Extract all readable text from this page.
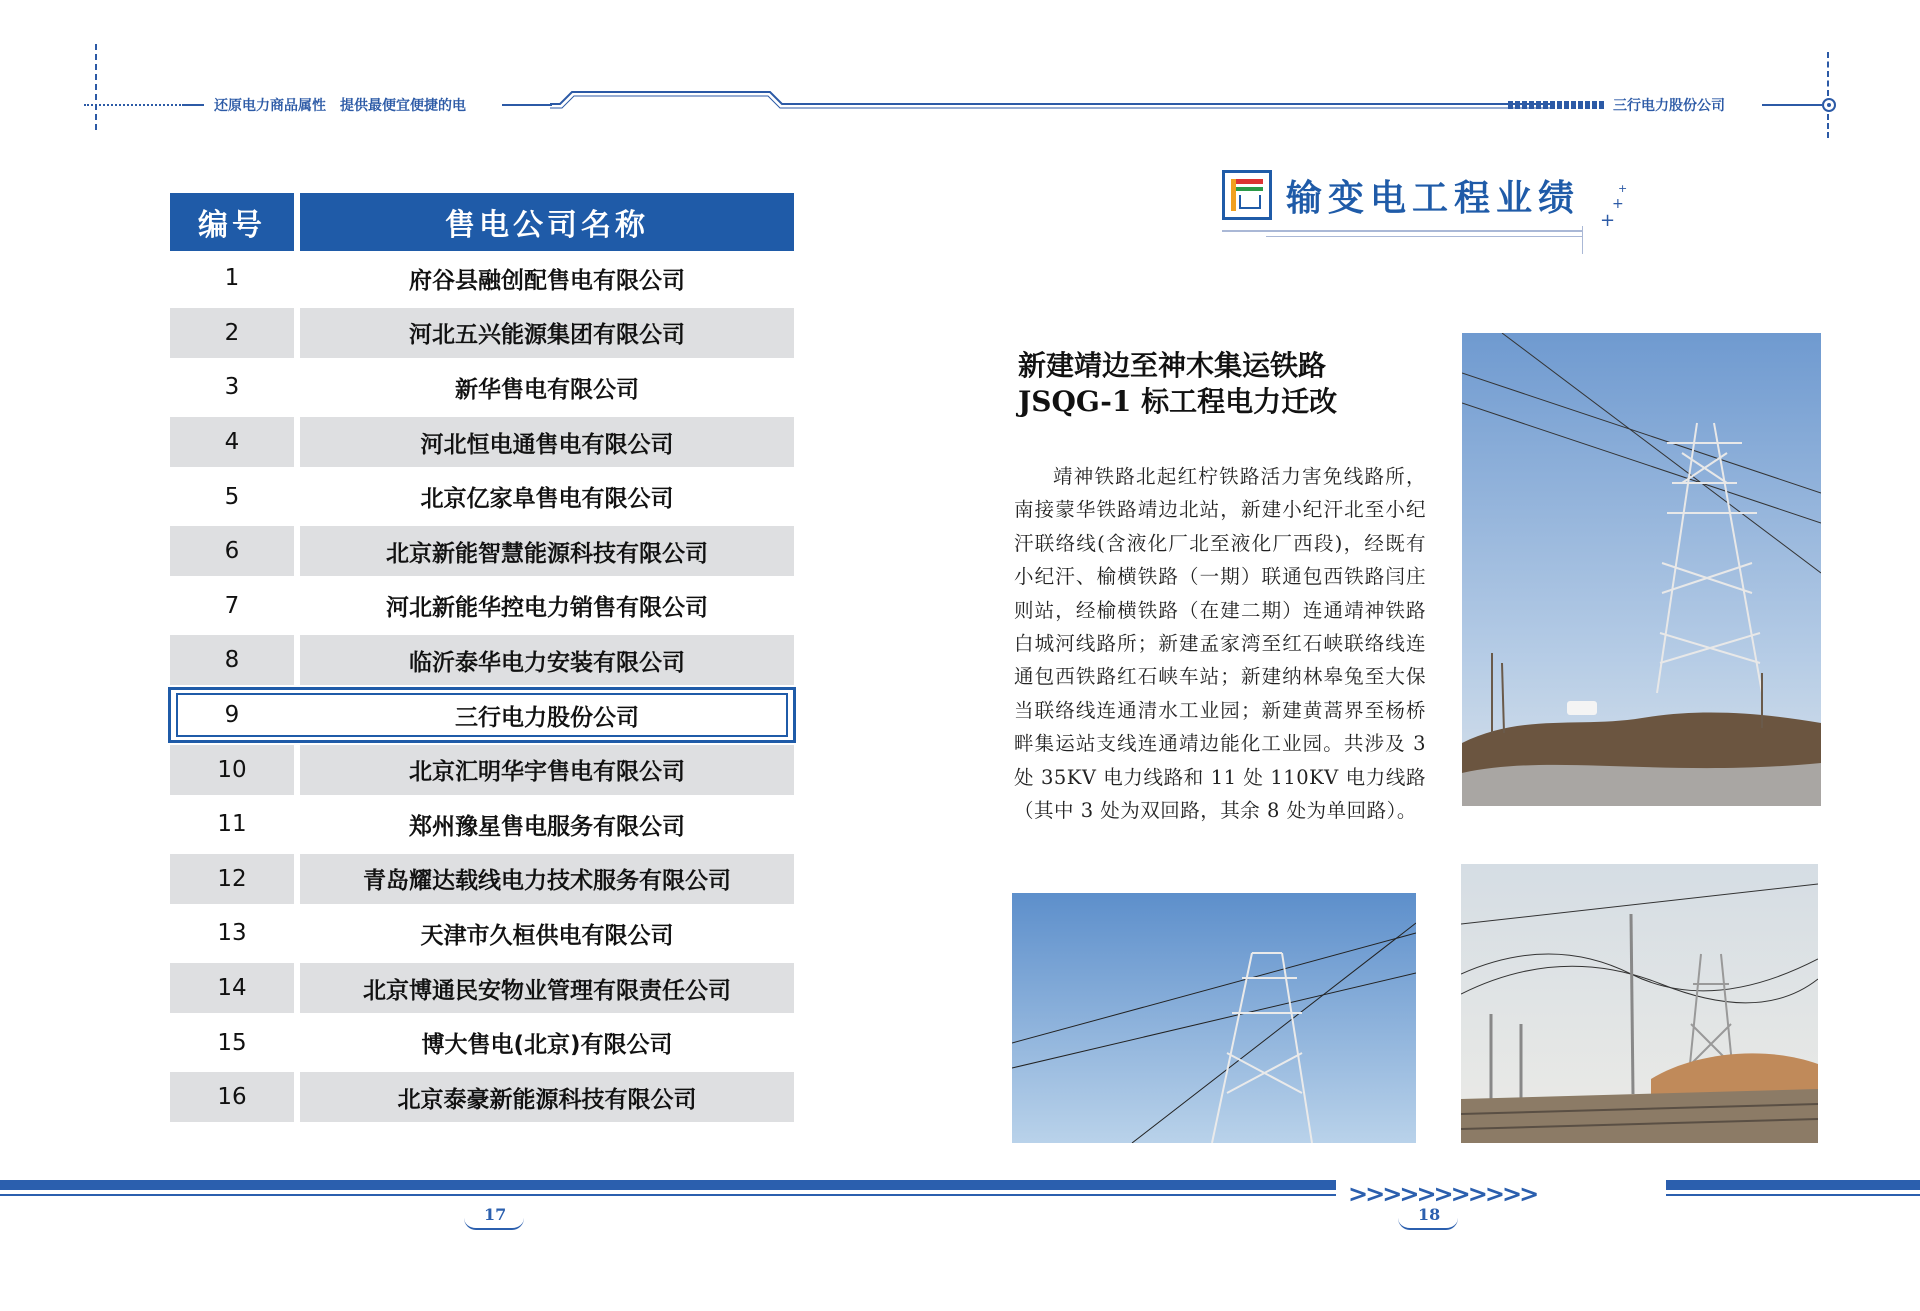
还原电力商品属性　提供最便宜便捷的电	三行电力股份公司
编号	售电公司名称
1	府谷县融创配售电有限公司
2	河北五兴能源集团有限公司
3	新华售电有限公司
4	河北恒电通售电有限公司
5	北京亿家阜售电有限公司
6	北京新能智慧能源科技有限公司
7	河北新能华控电力销售有限公司
8	临沂泰华电力安装有限公司
9	三行电力股份公司
10	北京汇明华宇售电有限公司
11	郑州豫星售电服务有限公司
12	青岛耀达载线电力技术服务有限公司
13	天津市久桓供电有限公司
14	北京博通民安物业管理有限责任公司
15	博大售电(北京)有限公司
16	北京泰豪新能源科技有限公司
输变电工程业绩
+
+
+
新建靖边至神木集运铁路
JSQG-1 标工程电力迁改
靖神铁路北起红柠铁路活力害免线路所，南接蒙华铁路靖边北站，新建小纪汗北至小纪汗联络线(含液化厂北至液化厂西段)，经既有小纪汗、榆横铁路（一期）联通包西铁路闫庄则站，经榆横铁路（在建二期）连通靖神铁路白城河线路所；新建孟家湾至红石峡联络线连通包西铁路红石峡车站；新建纳林皋兔至大保当联络线连通清水工业园；新建黄蒿界至杨桥畔集运站支线连通靖边能化工业园。共涉及 3 处 35KV 电力线路和 11 处 110KV 电力线路（其中 3 处为双回路，其余 8 处为单回路）。
>>>>>>>>>>>
17	18
